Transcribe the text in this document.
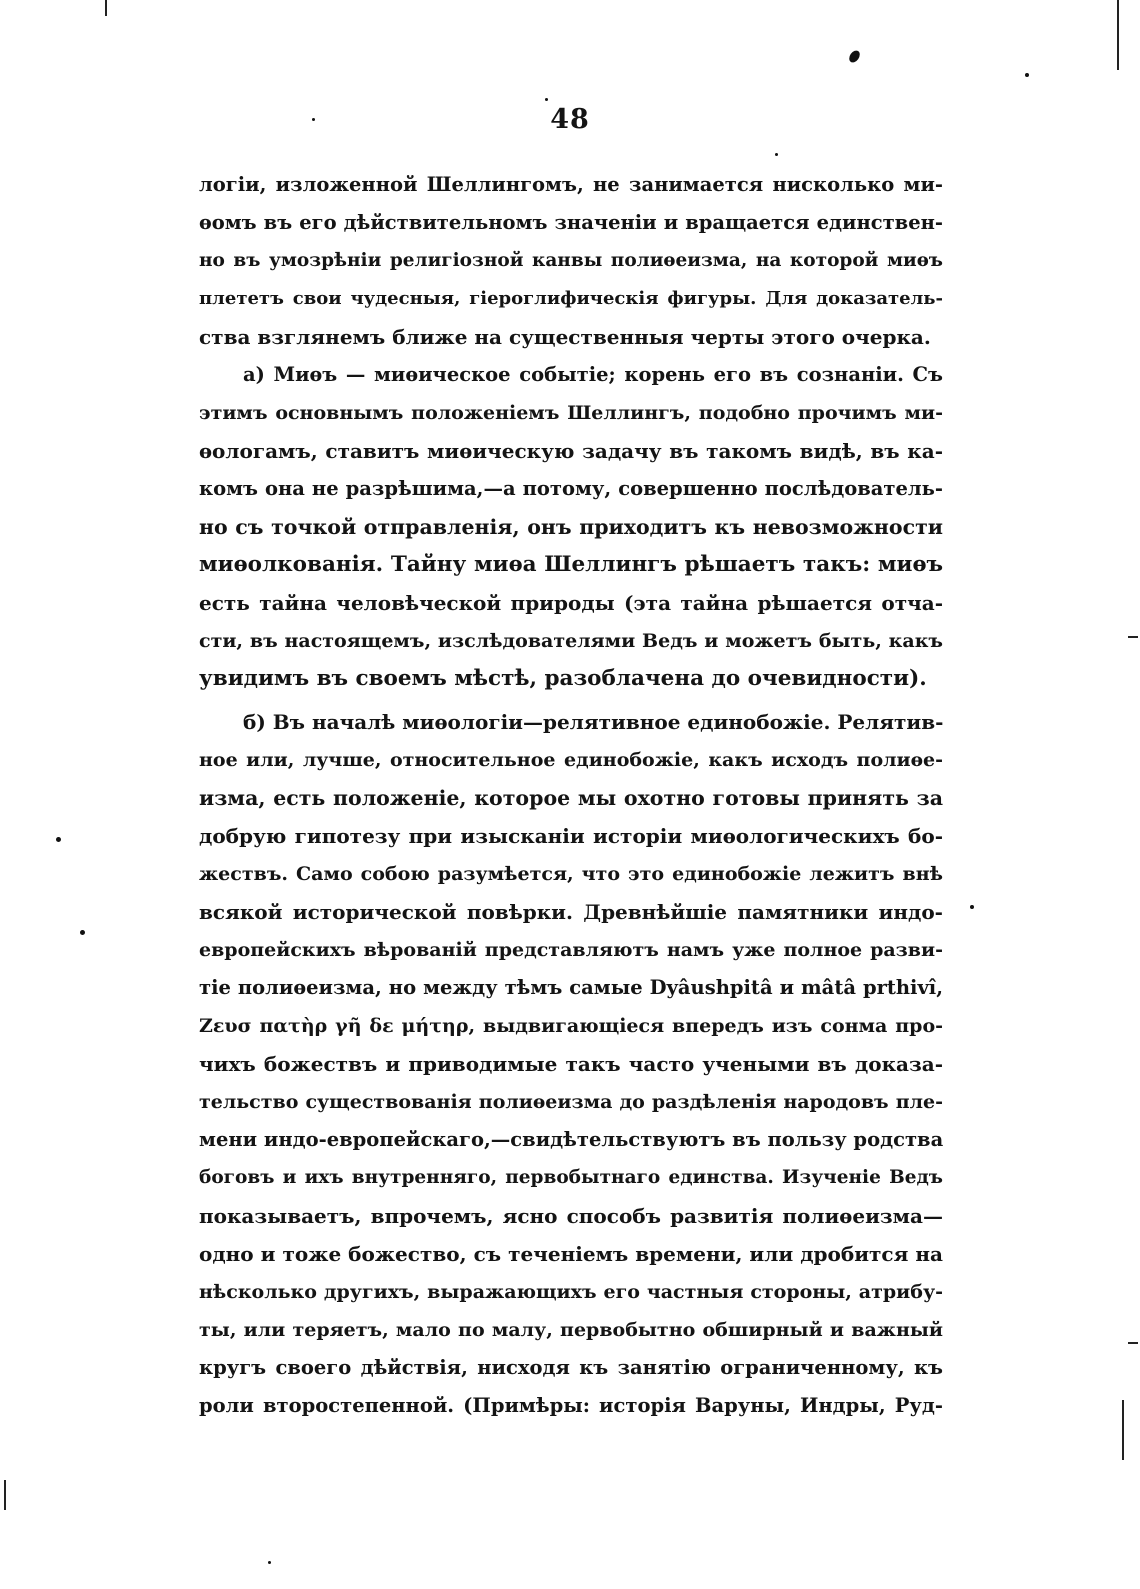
48
логіи, изложенной Шеллингомъ, не занимается нисколько ми-
ѳомъ въ его дѣйствительномъ значеніи и вращается единствен-
но въ умозрѣніи религіозной канвы полиѳеизма, на которой миѳъ
плететъ свои чудесныя, гіероглифическія фигуры. Для доказатель-
ства взглянемъ ближе на существенныя черты этого очерка.
а) Миѳъ — миѳическое событіе; корень его въ сознаніи. Съ
этимъ основнымъ положеніемъ Шеллингъ, подобно прочимъ ми-
ѳологамъ, ставитъ миѳическую задачу въ такомъ видѣ, въ ка-
комъ она не разрѣшима,—а потому, совершенно послѣдователь-
но съ точкой отправленія, онъ приходитъ къ невозможности
миѳолкованія. Тайну миѳа Шеллингъ рѣшаетъ такъ: миѳъ
есть тайна человѣческой природы (эта тайна рѣшается отча-
сти, въ настоящемъ, изслѣдователями Ведъ и можетъ быть, какъ
увидимъ въ своемъ мѣстѣ, разоблачена до очевидности).
б) Въ началѣ миѳологіи—релятивное единобожіе. Релятив-
ное или, лучше, относительное единобожіе, какъ исходъ полиѳе-
изма, есть положеніе, которое мы охотно готовы принять за
добрую гипотезу при изысканіи исторіи миѳологическихъ бо-
жествъ. Само собою разумѣется, что это единобожіе лежитъ внѣ
всякой исторической повѣрки. Древнѣйшіе памятники индо-
европейскихъ вѣрованій представляютъ намъ уже полное разви-
тіе полиѳеизма, но между тѣмъ самые Dyâushpitâ и mâtâ prthivî,
Ζευσ πατὴρ γῆ δε μήτηρ, выдвигающіеся впередъ изъ сонма про-
чихъ божествъ и приводимые такъ часто учеными въ доказа-
тельство существованія полиѳеизма до раздѣленія народовъ пле-
мени индо-европейскаго,—свидѣтельствуютъ въ пользу родства
боговъ и ихъ внутренняго, первобытнаго единства. Изученіе Ведъ
показываетъ, впрочемъ, ясно способъ развитія полиѳеизма—
одно и тоже божество, съ теченіемъ времени, или дробится на
нѣсколько другихъ, выражающихъ его частныя стороны, атрибу-
ты, или теряетъ, мало по малу, первобытно обширный и важный
кругъ своего дѣйствія, нисходя къ занятію ограниченному, къ
роли второстепенной. (Примѣры: исторія Варуны, Индры, Руд-
